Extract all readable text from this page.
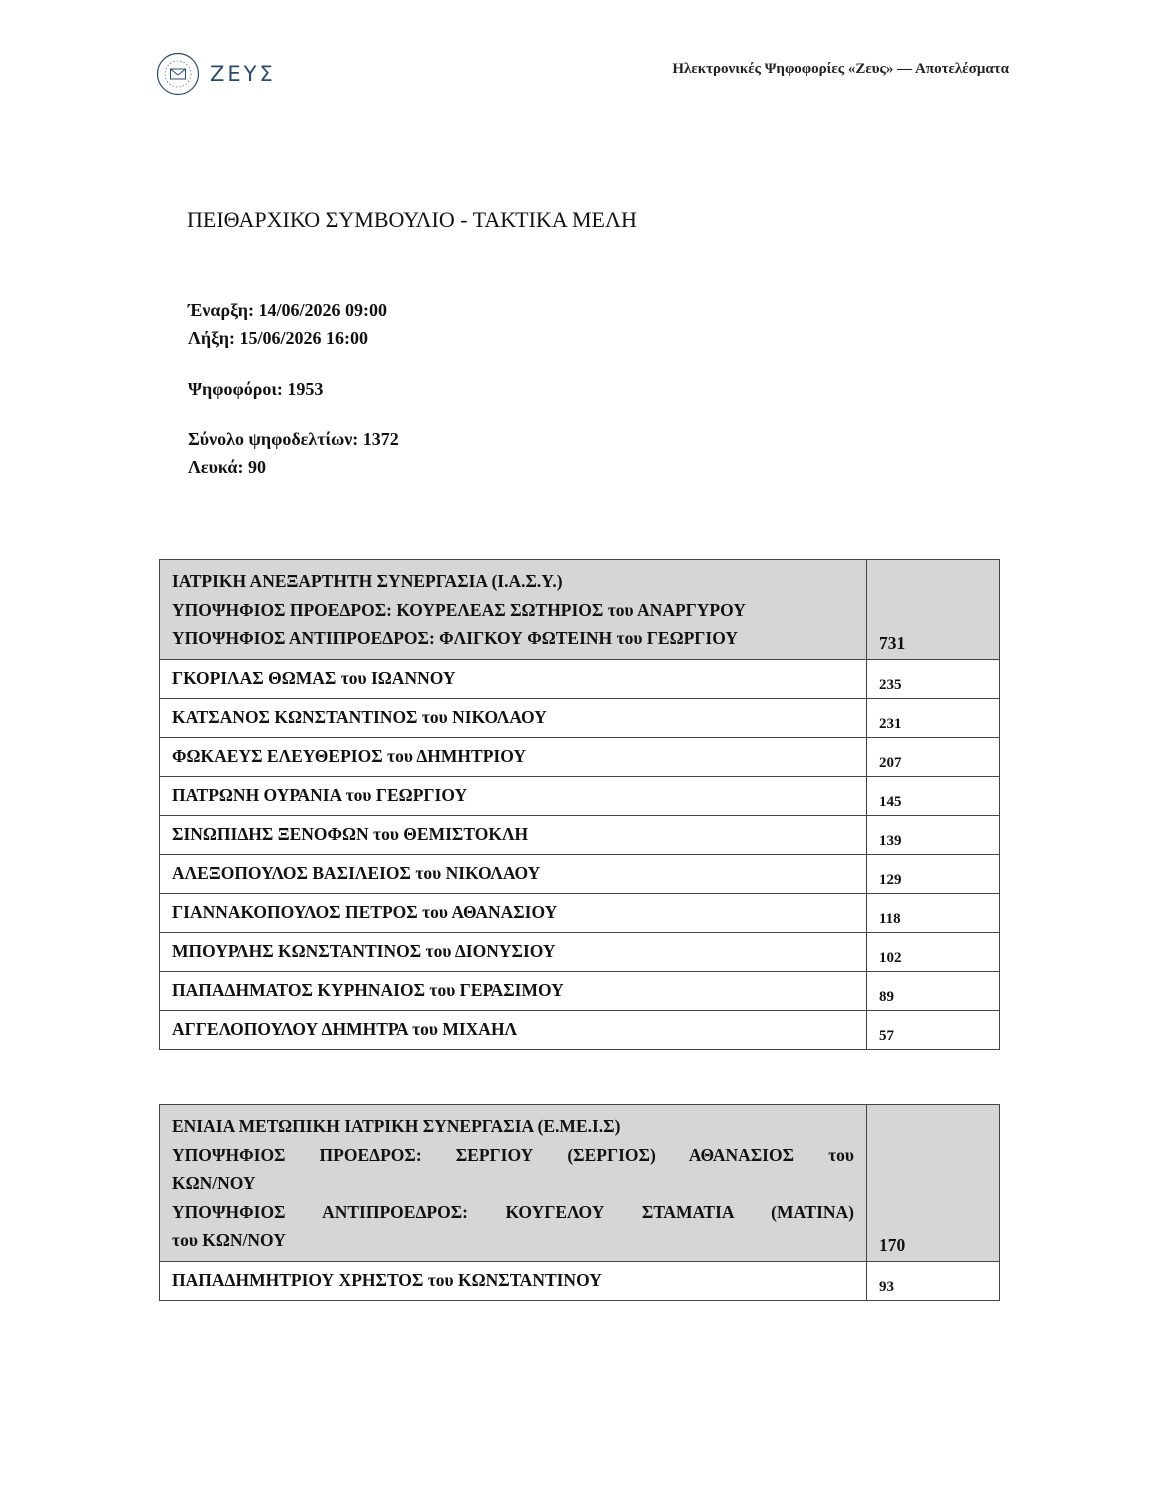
ΖΕΥΣ	Ηλεκτρονικές Ψηφοφορίες «Ζευς» — Αποτελέσματα
ΠΕΙΘΑΡΧΙΚΟ ΣΥΜΒΟΥΛΙΟ - ΤΑΚΤΙΚΑ ΜΕΛΗ
Έναρξη: 14/06/2026 09:00
Λήξη: 15/06/2026 16:00
Ψηφοφόροι: 1953
Σύνολο ψηφοδελτίων: 1372
Λευκά: 90
ΙΑΤΡΙΚΗ ΑΝΕΞΑΡΤΗΤΗ ΣΥΝΕΡΓΑΣΙΑ (Ι.Α.Σ.Υ.)
ΥΠΟΨΗΦΙΟΣ ΠΡΟΕΔΡΟΣ: ΚΟΥΡΕΛΕΑΣ ΣΩΤΗΡΙΟΣ του ΑΝΑΡΓΥΡΟΥ
ΥΠΟΨΗΦΙΟΣ ΑΝΤΙΠΡΟΕΔΡΟΣ: ΦΛΙΓΚΟΥ ΦΩΤΕΙΝΗ του ΓΕΩΡΓΙΟΥ	731
ΓΚΟΡΙΛΑΣ ΘΩΜΑΣ του ΙΩΑΝΝΟΥ	235
ΚΑΤΣΑΝΟΣ ΚΩΝΣΤΑΝΤΙΝΟΣ του ΝΙΚΟΛΑΟΥ	231
ΦΩΚΑΕΥΣ ΕΛΕΥΘΕΡΙΟΣ του ΔΗΜΗΤΡΙΟΥ	207
ΠΑΤΡΩΝΗ ΟΥΡΑΝΙΑ του ΓΕΩΡΓΙΟΥ	145
ΣΙΝΩΠΙΔΗΣ ΞΕΝΟΦΩΝ του ΘΕΜΙΣΤΟΚΛΗ	139
ΑΛΕΞΟΠΟΥΛΟΣ ΒΑΣΙΛΕΙΟΣ του ΝΙΚΟΛΑΟΥ	129
ΓΙΑΝΝΑΚΟΠΟΥΛΟΣ ΠΕΤΡΟΣ του ΑΘΑΝΑΣΙΟΥ	118
ΜΠΟΥΡΛΗΣ ΚΩΝΣΤΑΝΤΙΝΟΣ του ΔΙΟΝΥΣΙΟΥ	102
ΠΑΠΑΔΗΜΑΤΟΣ ΚΥΡΗΝΑΙΟΣ του ΓΕΡΑΣΙΜΟΥ	89
ΑΓΓΕΛΟΠΟΥΛΟΥ ΔΗΜΗΤΡΑ του ΜΙΧΑΗΛ	57
ΕΝΙΑΙΑ ΜΕΤΩΠΙΚΗ ΙΑΤΡΙΚΗ ΣΥΝΕΡΓΑΣΙΑ (Ε.ΜΕ.Ι.Σ)
ΥΠΟΨΗΦΙΟΣ ΠΡΟΕΔΡΟΣ: ΣΕΡΓΙΟΥ (ΣΕΡΓΙΟΣ) ΑΘΑΝΑΣΙΟΣ του
ΚΩΝ/ΝΟΥ
ΥΠΟΨΗΦΙΟΣ ΑΝΤΙΠΡΟΕΔΡΟΣ: ΚΟΥΓΕΛΟΥ ΣΤΑΜΑΤΙΑ (ΜΑΤΙΝΑ)
του ΚΩΝ/ΝΟΥ	170
ΠΑΠΑΔΗΜΗΤΡΙΟΥ ΧΡΗΣΤΟΣ του ΚΩΝΣΤΑΝΤΙΝΟΥ	93
